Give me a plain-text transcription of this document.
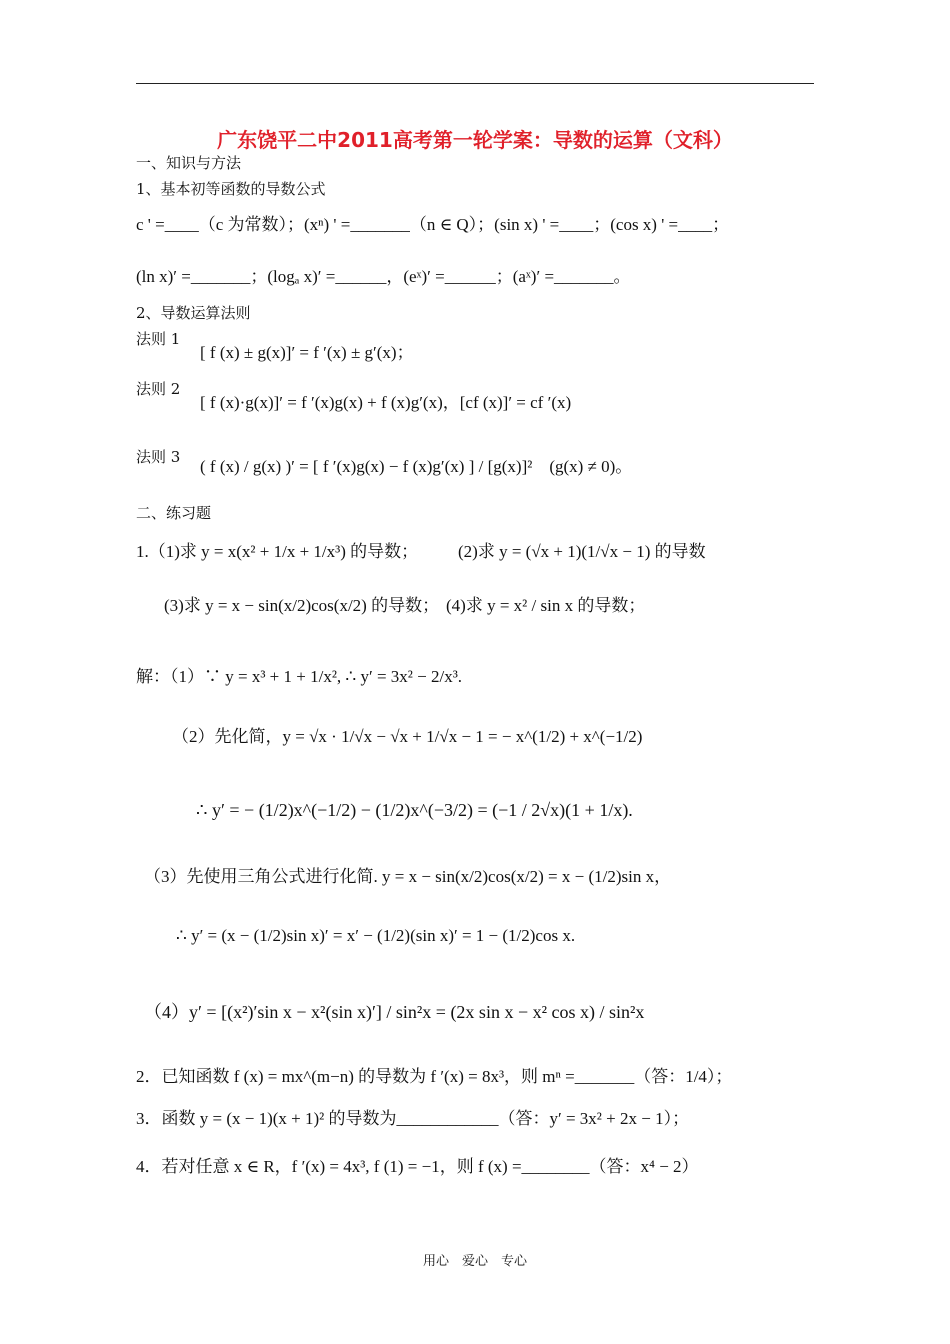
广东饶平二中2011高考第一轮学案：导数的运算（文科）
一、知识与方法
1、基本初等函数的导数公式
c ' =____（c 为常数）；(xⁿ) ' =_______（n ∈ Q）；(sin x) ' =____；(cos x) ' =____；
(ln x)′ =_______；(logₐ x)′ =______，(eˣ)′ =______；(aˣ)′ =_______。
2、导数运算法则
法则 1
[ f (x) ± g(x)]′ = f ′(x) ± g′(x)；
法则 2
[ f (x)·g(x)]′ = f ′(x)g(x) + f (x)g′(x)，[cf (x)]′ = cf ′(x)
法则 3 ( f (x) / g(x) )′ = [ f ′(x)g(x) − f (x)g′(x) ] / [g(x)]²　(g(x) ≠ 0)。
二、练习题
1.（1)求 y = x(x² + 1/x + 1/x³) 的导数； (2)求 y = (√x + 1)(1/√x − 1) 的导数
(3)求 y = x − sin(x/2)cos(x/2) 的导数； (4)求 y = x² / sin x 的导数；
解：（1）∵ y = x³ + 1 + 1/x², ∴ y′ = 3x² − 2/x³.
（2）先化简，y = √x · 1/√x − √x + 1/√x − 1 = − x^(1/2) + x^(−1/2)
∴ y′ = − (1/2)x^(−1/2) − (1/2)x^(−3/2) = (−1 / 2√x)(1 + 1/x).
（3）先使用三角公式进行化简. y = x − sin(x/2)cos(x/2) = x − (1/2)sin x，
∴ y′ = (x − (1/2)sin x)′ = x′ − (1/2)(sin x)′ = 1 − (1/2)cos x.
（4）y′ = [(x²)′sin x − x²(sin x)′] / sin²x = (2x sin x − x² cos x) / sin²x
2．已知函数 f (x) = mx^(m−n) 的导数为 f ′(x) = 8x³，则 mⁿ =_______（答：1/4）；
3．函数 y = (x − 1)(x + 1)² 的导数为____________（答：y′ = 3x² + 2x − 1）；
4．若对任意 x ∈ R，f ′(x) = 4x³, f (1) = −1，则 f (x) =________（答：x⁴ − 2）
用心　爱心　专心
